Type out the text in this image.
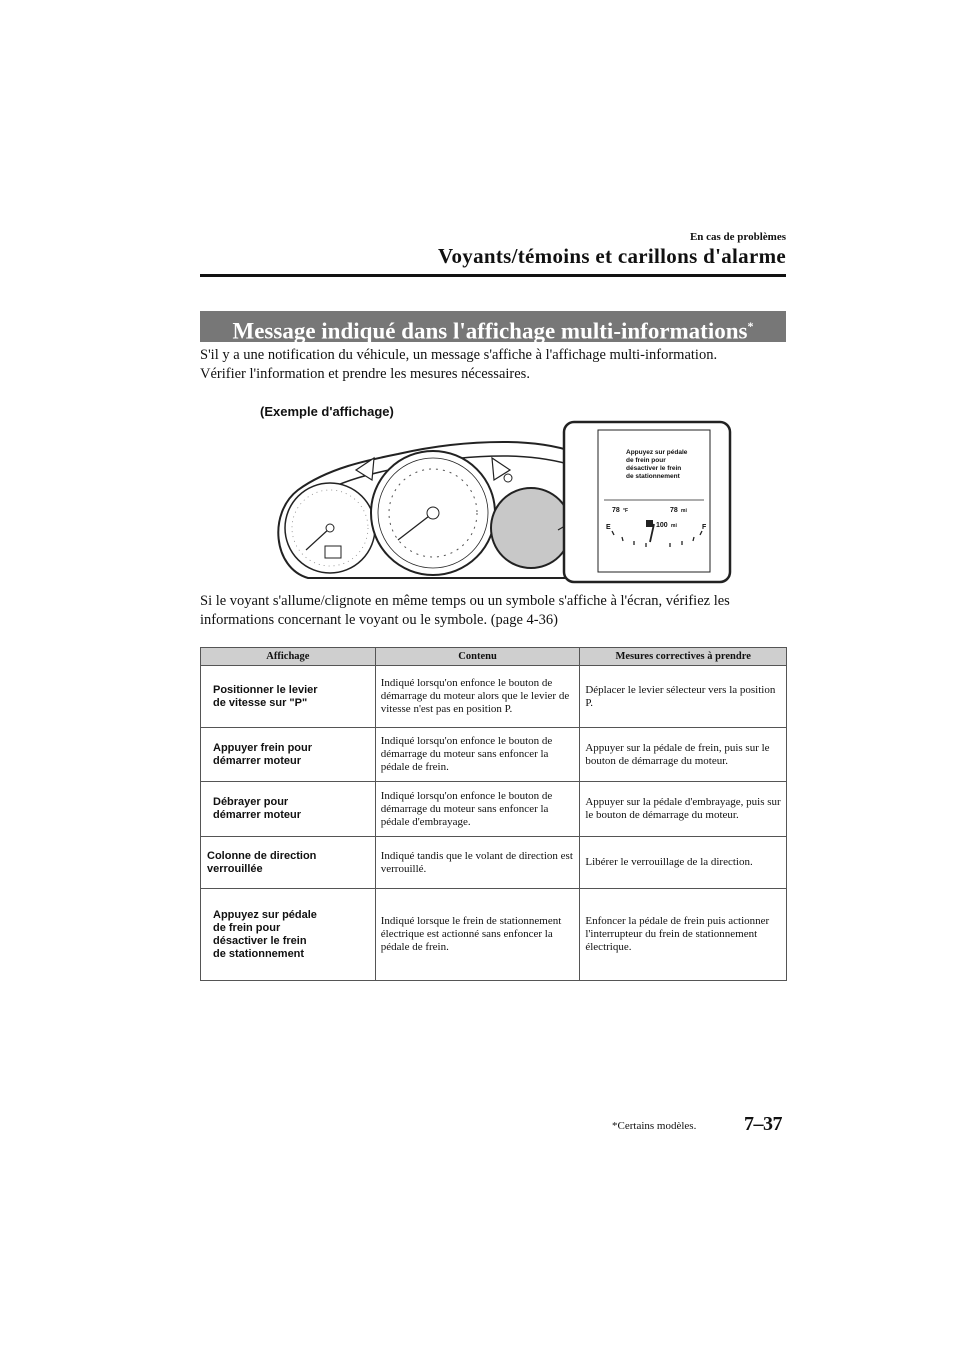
En cas de problèmes
Voyants/témoins et carillons d'alarme
Message indiqué dans l'affichage multi-informations*

S'il y a une notification du véhicule, un message s'affiche à l'affichage multi-information.

Vérifier l'information et prendre les mesures nécessaires.

(Exemple d'affichage)
Appuyez sur pédale
de frein pour
désactiver le frein
de stationnement
78 °F	78 mi
E	F
100 mi

Si le voyant s'allume/clignote en même temps ou un symbole s'affiche à l'écran, vérifiez les

informations concernant le voyant ou le symbole. (page 4-36)

Affichage	Contenu	Mesures correctives à prendre

Positionner le levier
de vitesse sur "P"	Indiqué lorsqu'on enfonce le bouton de démarrage du moteur alors que le levier de vitesse n'est pas en position P.	Déplacer le levier sélecteur vers la position P.

Appuyer frein pour
démarrer moteur	Indiqué lorsqu'on enfonce le bouton de démarrage du moteur sans enfoncer la pédale de frein.	Appuyer sur la pédale de frein, puis sur le bouton de démarrage du moteur.

Débrayer pour
démarrer moteur	Indiqué lorsqu'on enfonce le bouton de démarrage du moteur sans enfoncer la pédale d'embrayage.	Appuyer sur la pédale d'embrayage, puis sur le bouton de démarrage du moteur.

Colonne de direction
verrouillée	Indiqué tandis que le volant de direction est verrouillé.	Libérer le verrouillage de la direction.

Appuyez sur pédale
de frein pour
désactiver le frein
de stationnement	Indiqué lorsque le frein de stationnement électrique est actionné sans enfoncer la pédale de frein.	Enfoncer la pédale de frein puis actionner l'interrupteur du frein de stationnement électrique.
*Certains modèles. 7–37
